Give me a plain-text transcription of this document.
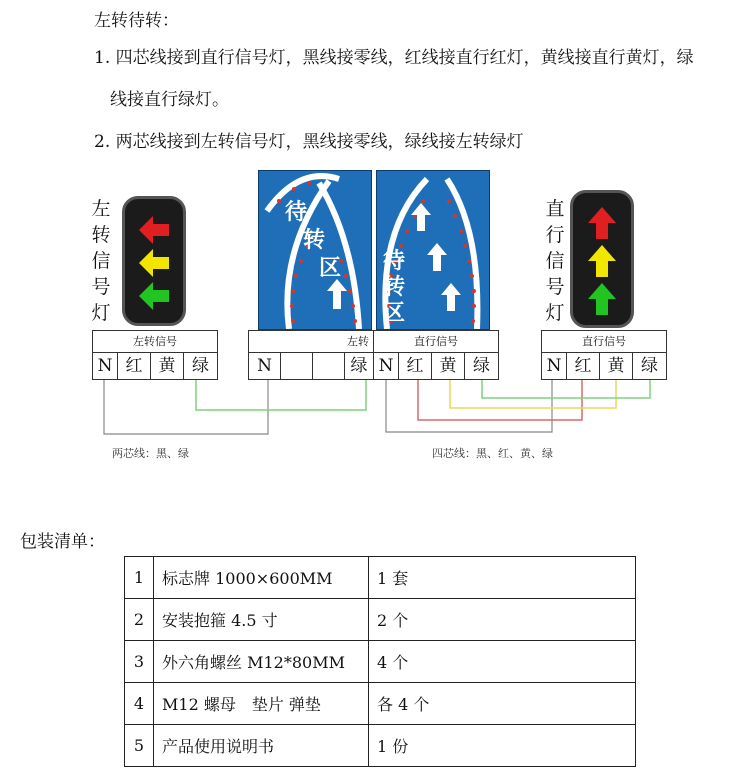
左转待转：
1. 四芯线接到直行信号灯，黑线接零线，红线接直行红灯，黄线接直行黄灯，绿
线接直行绿灯。
2. 两芯线接到左转信号灯，黑线接零线，绿线接左转绿灯
左
转
信
号
灯
直
行
信
号
灯
待
转
区 待
转
区
左转信号
N 红 黄 绿
左转
N	绿
直行信号
N 红 黄 绿
直行信号
N 红 黄 绿
两芯线：黑、绿	四芯线：黑、红、黄、绿
包装清单：
1	标志牌 1000×600MM	1 套
2	安装抱箍 4.5 寸	2 个
3	外六角螺丝 M12*80MM	4 个
4	M12 螺母　垫片 弹垫	各 4 个
5	产品使用说明书	1 份
